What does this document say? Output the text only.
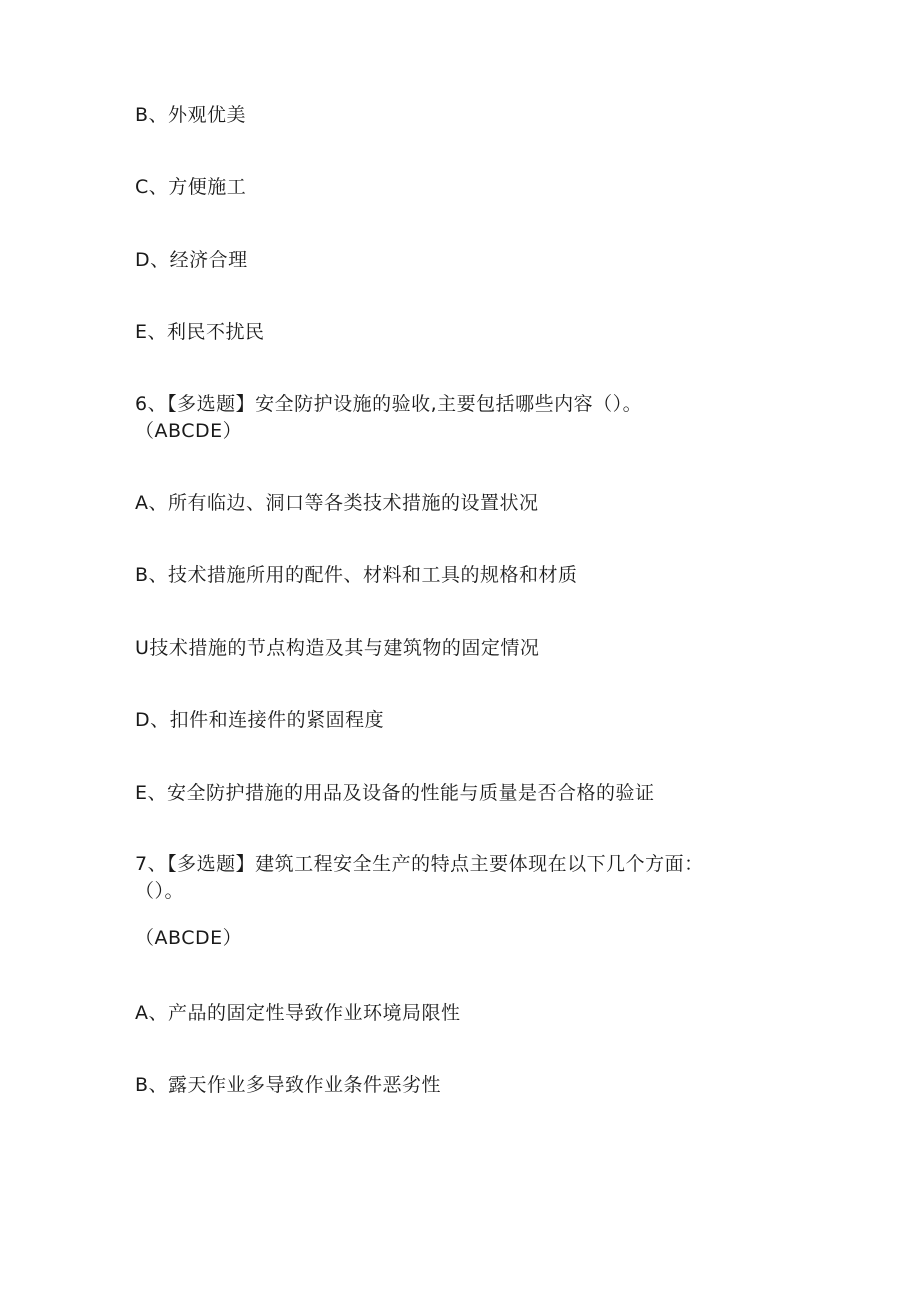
B、外观优美
C、方便施工
D、经济合理
E、利民不扰民
6、【多选题】安全防护设施的验收,主要包括哪些内容（）。
（ABCDE）
A、所有临边、洞口等各类技术措施的设置状况
B、技术措施所用的配件、材料和工具的规格和材质
U技术措施的节点构造及其与建筑物的固定情况
D、扣件和连接件的紧固程度
E、安全防护措施的用品及设备的性能与质量是否合格的验证
7、【多选题】建筑工程安全生产的特点主要体现在以下几个方面：
（）。
（ABCDE）
A、产品的固定性导致作业环境局限性
B、露天作业多导致作业条件恶劣性
